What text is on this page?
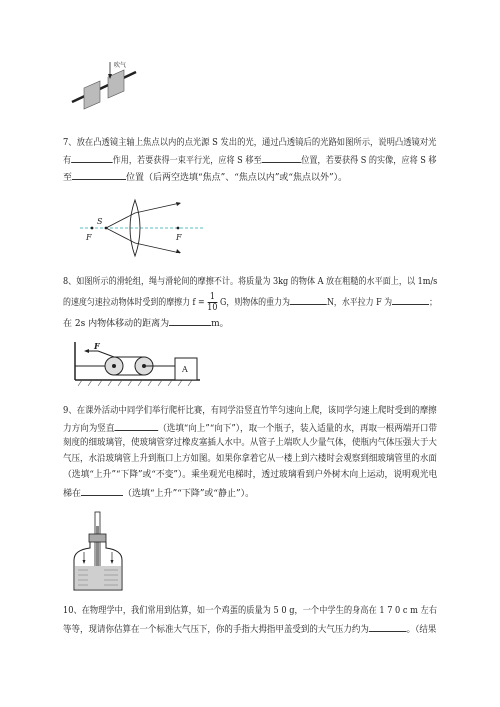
吹气
7、放在凸透镜主轴上焦点以内的点光源 S 发出的光，通过凸透镜后的光路如图所示，说明凸透镜对光
有	作用，若要获得一束平行光，应将 S 移至	位置，若要获得 S 的实像，应将 S 移
至	位置（后两空选填“焦点”、“焦点以内”或“焦点以外”）。
S
F	F
8、如图所示的滑轮组，绳与滑轮间的摩擦不计。将质量为 3kg 的物体 A 放在粗糙的水平面上，以 1m/s
的速度匀速拉动物体时受到的摩擦力 $f = \frac{1}{10}$ G，则物体的重力为	N，水平拉力 F 为	；
在 2s 内物体移动的距离为	m。
F
A
9、在课外活动中同学们举行爬杆比赛，有同学沿竖直竹竿匀速向上爬，该同学匀速上爬时受到的摩擦
力方向为竖直	（选填“向上”“向下”），取一个瓶子，装入适量的水，再取一根两端开口带
刻度的细玻璃管，使玻璃管穿过橡皮塞插人水中。从管子上端吹人少量气体，使瓶内气体压强大于大
气压，水沿玻璃管上升到瓶口上方如图。如果你拿着它从一楼上到六楼时会观察到细玻璃管里的水面
（选填“上升”“下降”或“不变”）。乘坐观光电梯时，透过玻璃看到户外树木向上运动，说明观光电
梯在	（选填“上升”“下降”或“静止”）。
10、在物理学中，我们常用到估算，如一个鸡蛋的质量为 5 0 g，一个中学生的身高在 1 7 0 c m 左右
等等，现请你估算在一个标准大气压下，你的手指大拇指甲盖受到的大气压力约为	。（结果
